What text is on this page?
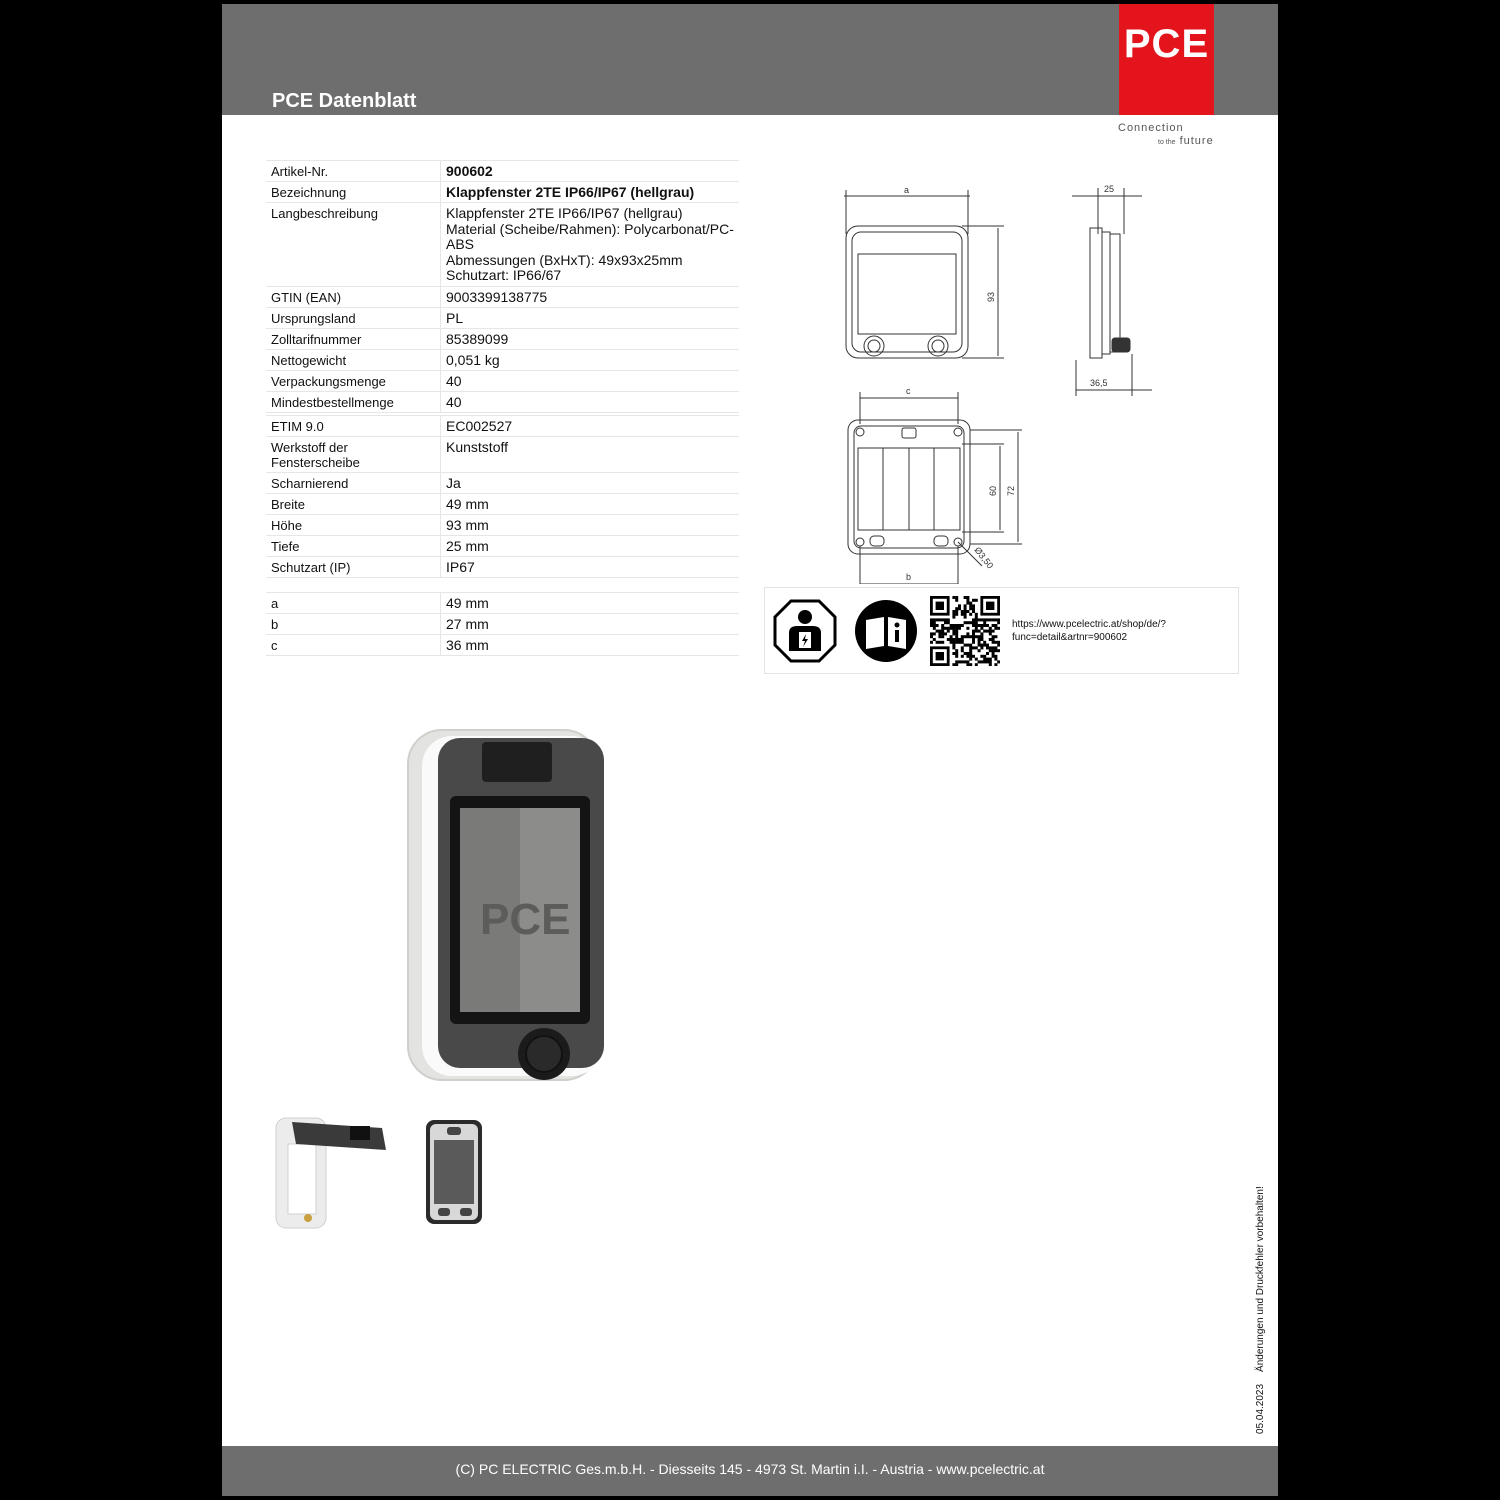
PCE Datenblatt
PCE
Connection
to the future
Artikel-Nr.	900602
Bezeichnung	Klappfenster 2TE IP66/IP67 (hellgrau)
Langbeschreibung	Klappfenster 2TE IP66/IP67 (hellgrau)
Material (Scheibe/Rahmen): Polycarbonat/PC-ABS
Abmessungen (BxHxT): 49x93x25mm
Schutzart: IP66/67

GTIN (EAN)	9003399138775
Ursprungsland	PL
Zolltarifnummer	85389099
Nettogewicht	0,051 kg
Verpackungsmenge	40
Mindestbestellmenge	40
ETIM 9.0	EC002527
Werkstoff der Fensterscheibe	Kunststoff
Scharnierend	Ja
Breite	49 mm
Höhe	93 mm
Tiefe	25 mm
Schutzart (IP)	IP67
a	49 mm
b	27 mm
c	36 mm
a
93
25
36,5
c
b
60 72
Ø3,50
https://www.pcelectric.at/shop/de/?func=detail&artnr=900602
PCE
05.04.2023Änderungen und Druckfehler vorbehalten!
(C) PC ELECTRIC Ges.m.b.H. - Diesseits 145 - 4973 St. Martin i.I. - Austria - www.pcelectric.at
